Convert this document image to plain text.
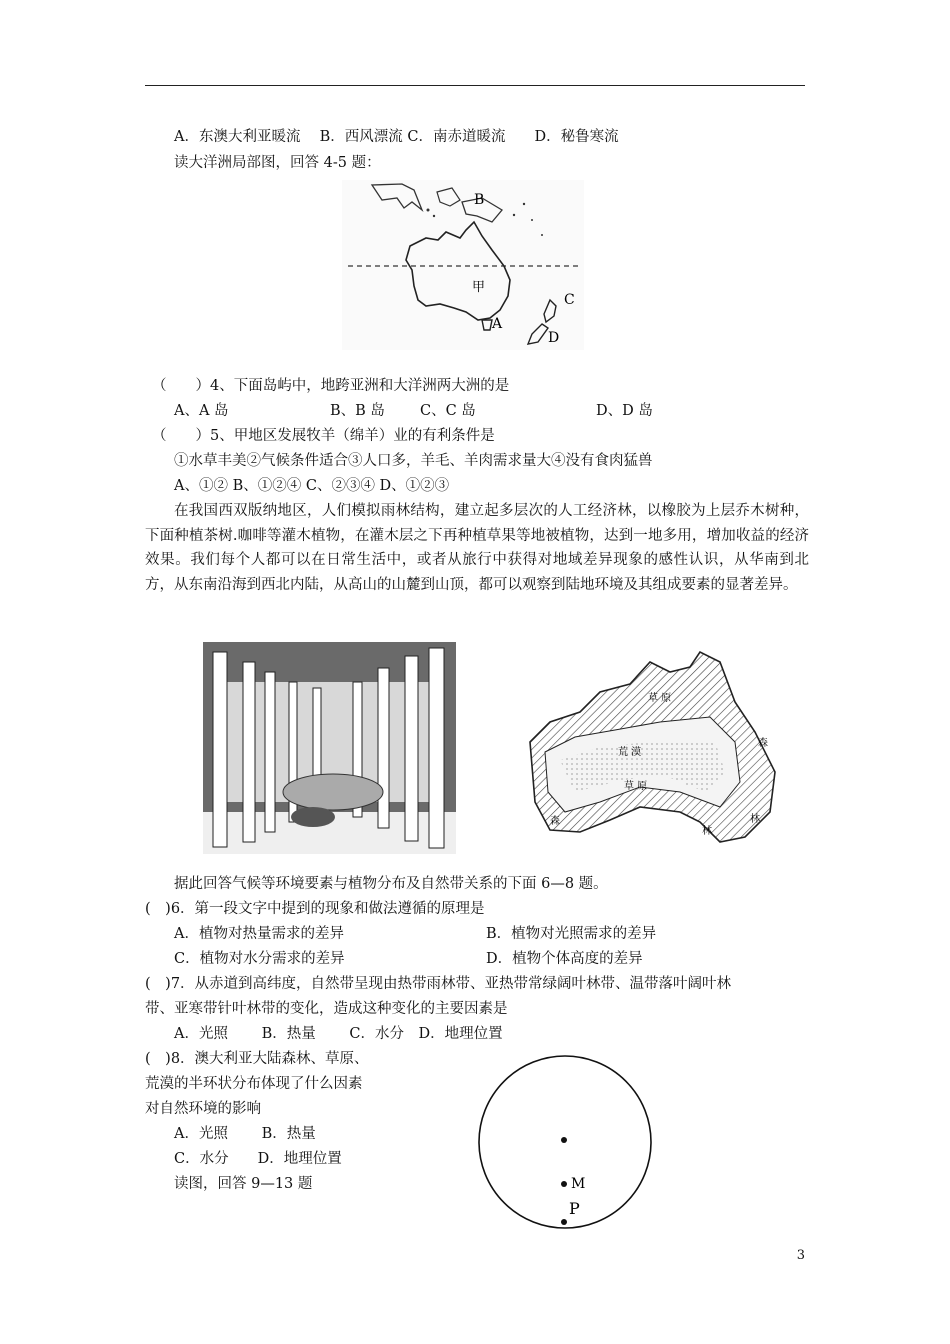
A．东澳大利亚暖流　 B．西风漂流 C．南赤道暖流　　D．秘鲁寒流
读大洋洲局部图，回答 4-5 题：
B
甲
A
C
D
（　　）4、下面岛屿中，地跨亚洲和大洋洲两大洲的是
A、A 岛	B、B 岛 C、C 岛	D、D 岛
（　　）5、甲地区发展牧羊（绵羊）业的有利条件是
①水草丰美②气候条件适合③人口多，羊毛、羊肉需求量大④没有食肉猛兽
A、①② B、①②④ C、②③④ D、①②③
在我国西双版纳地区，人们模拟雨林结构，建立起多层次的人工经济林，以橡胶为上层乔木树种，下面种植茶树.咖啡等灌木植物，在灌木层之下再种植草果等地被植物，达到一地多用，增加收益的经济效果。我们每个人都可以在日常生活中，或者从旅行中获得对地域差异现象的感性认识，从华南到北方，从东南沿海到西北内陆，从高山的山麓到山顶，都可以观察到陆地环境及其组成要素的显著差异。
草 原
荒 漠
草 原
森
森
林
林
据此回答气候等环境要素与植物分布及自然带关系的下面 6—8 题。
(　)6．第一段文字中提到的现象和做法遵循的原理是
A．植物对热量需求的差异	B．植物对光照需求的差异
C．植物对水分需求的差异	D．植物个体高度的差异
(　)7．从赤道到高纬度，自然带呈现由热带雨林带、亚热带常绿阔叶林带、温带落叶阔叶林
带、亚寒带针叶林带的变化，造成这种变化的主要因素是
A．光照　　 B．热量　　 C．水分　D．地理位置
(　)8．澳大利亚大陆森林、草原、
荒漠的半环状分布体现了什么因素
对自然环境的影响
A．光照　　 B．热量
C．水分　　D．地理位置
读图，回答 9—13 题	M
P
3
